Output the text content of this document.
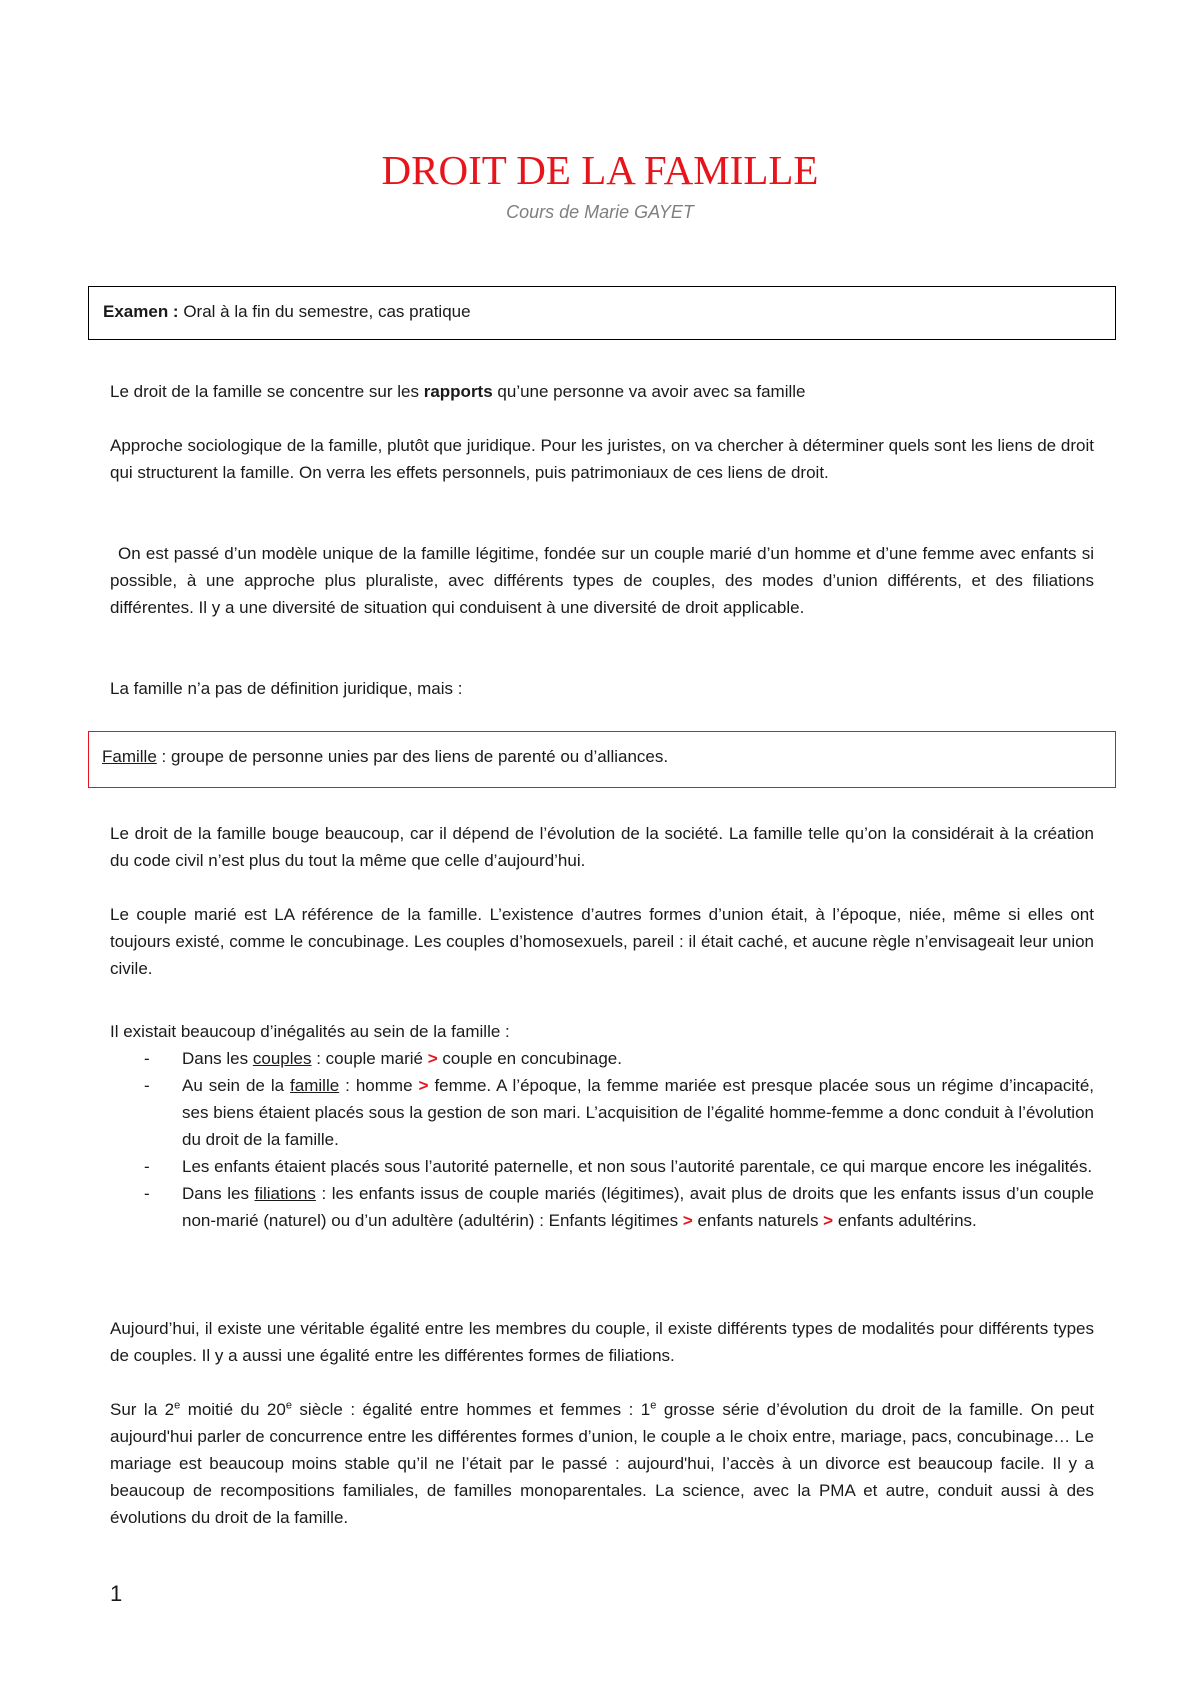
DROIT DE LA FAMILLE
Cours de Marie GAYET
Examen : Oral à la fin du semestre, cas pratique

Le droit de la famille se concentre sur les rapports qu’une personne va avoir avec sa famille

Approche sociologique de la famille, plutôt que juridique. Pour les juristes, on va chercher à déterminer quels sont les liens de droit qui structurent la famille. On verra les effets personnels, puis patrimoniaux de ces liens de droit.

On est passé d’un modèle unique de la famille légitime, fondée sur un couple marié d’un homme et d’une femme avec enfants si possible, à une approche plus pluraliste, avec différents types de couples, des modes d’union différents, et des filiations différentes. Il y a une diversité de situation qui conduisent à une diversité de droit applicable.

La famille n’a pas de définition juridique, mais :

Famille : groupe de personne unies par des liens de parenté ou d’alliances.

Le droit de la famille bouge beaucoup, car il dépend de l’évolution de la société. La famille telle qu’on la considérait à la création du code civil n’est plus du tout la même que celle d’aujourd’hui.

Le couple marié est LA référence de la famille. L’existence d’autres formes d’union était, à l’époque, niée, même si elles ont toujours existé, comme le concubinage. Les couples d’homosexuels, pareil : il était caché, et aucune règle n’envisageait leur union civile.

Il existait beaucoup d’inégalités au sein de la famille :

- Dans les couples : couple marié > couple en concubinage.
- Au sein de la famille : homme > femme. A l’époque, la femme mariée est presque placée sous un régime d’incapacité, ses biens étaient placés sous la gestion de son mari. L’acquisition de l’égalité homme-femme a donc conduit à l’évolution du droit de la famille.
- Les enfants étaient placés sous l’autorité paternelle, et non sous l’autorité parentale, ce qui marque encore les inégalités.
- Dans les filiations : les enfants issus de couple mariés (légitimes), avait plus de droits que les enfants issus d’un couple non-marié (naturel) ou d’un adultère (adultérin) : Enfants légitimes > enfants naturels > enfants adultérins.

Aujourd’hui, il existe une véritable égalité entre les membres du couple, il existe différents types de modalités pour différents types de couples. Il y a aussi une égalité entre les différentes formes de filiations.

Sur la 2e moitié du 20e siècle : égalité entre hommes et femmes : 1e grosse série d’évolution du droit de la famille. On peut aujourd'hui parler de concurrence entre les différentes formes d’union, le couple a le choix entre, mariage, pacs, concubinage… Le mariage est beaucoup moins stable qu’il ne l’était par le passé : aujourd'hui, l’accès à un divorce est beaucoup facile. Il y a beaucoup de recompositions familiales, de familles monoparentales. La science, avec la PMA et autre, conduit aussi à des évolutions du droit de la famille.

1
